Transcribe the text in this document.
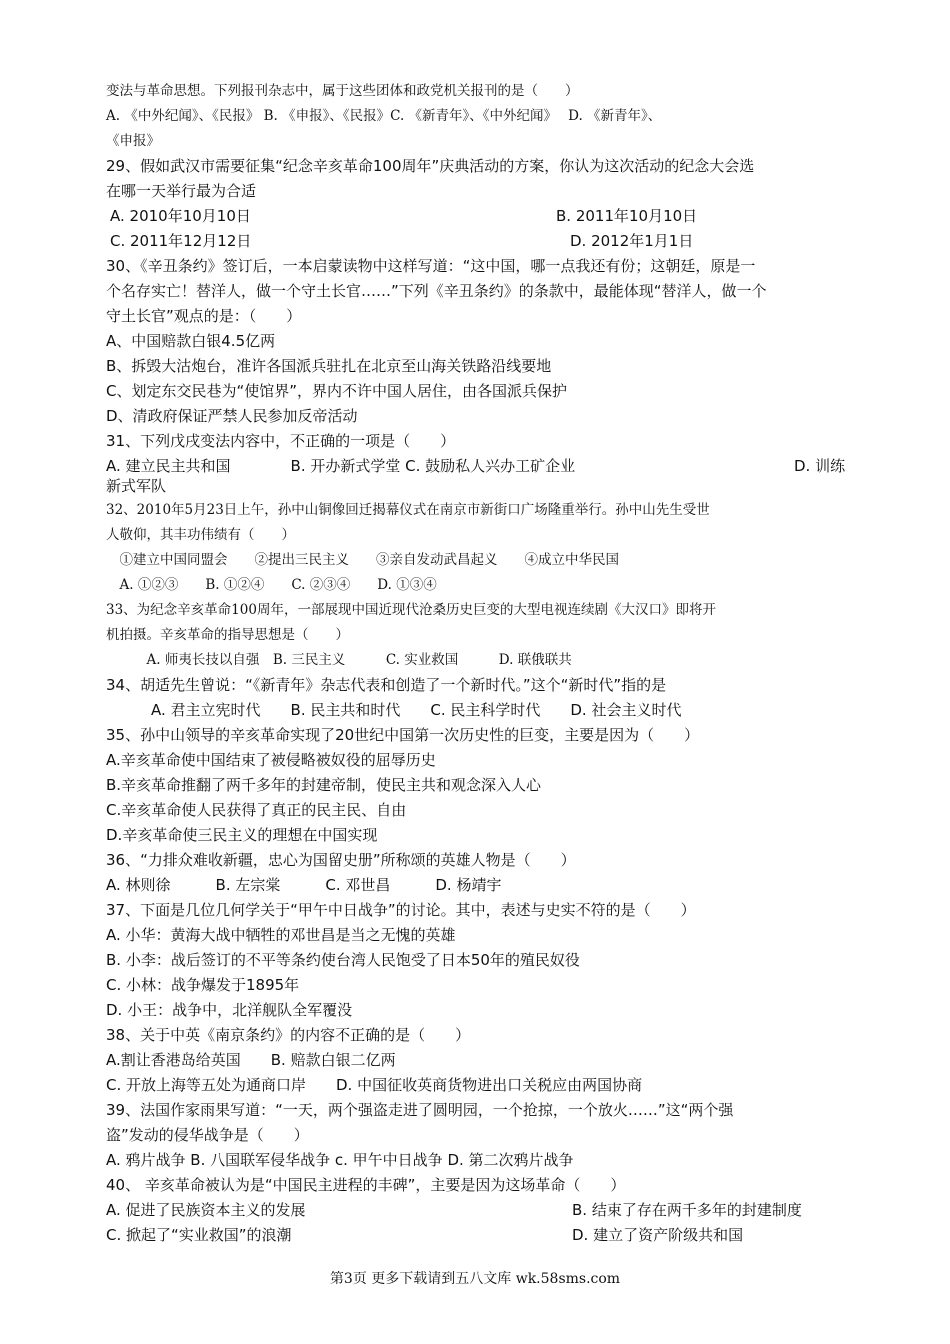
变法与革命思想。下列报刊杂志中，属于这些团体和政党机关报刊的是（　　）
A. 《中外纪闻》、《民报》 B. 《申报》、《民报》C. 《新青年》、《中外纪闻》　 D. 《新青年》、
《申报》
29、假如武汉市需要征集“纪念辛亥革命100周年”庆典活动的方案，你认为这次活动的纪念大会选
在哪一天举行最为合适
A. 2010年10月10日	B. 2011年10月10日
C. 2011年12月12日	D. 2012年1月1日
30、《辛丑条约》签订后，一本启蒙读物中这样写道：“这中国，哪一点我还有份；这朝廷，原是一
个名存实亡！替洋人，做一个守土长官……”下列《辛丑条约》的条款中，最能体现“替洋人，做一个
守土长官”观点的是：（　　）
A、中国赔款白银4.5亿两
B、拆毁大沽炮台，准许各国派兵驻扎在北京至山海关铁路沿线要地
C、划定东交民巷为“使馆界”，界内不许中国人居住，由各国派兵保护
D、清政府保证严禁人民参加反帝活动
31、下列戊戌变法内容中，不正确的一项是（　　）
A. 建立民主共和国　　　　B. 开办新式学堂 C. 鼓励私人兴办工矿企业	D. 训练
新式军队
32、2010年5月23日上午，孙中山铜像回迁揭幕仪式在南京市新街口广场隆重举行。孙中山先生受世
人敬仰，其丰功伟绩有（　　）
　①建立中国同盟会　　②提出三民主义　　③亲自发动武昌起义　　④成立中华民国
　A. ①②③　　B. ①②④　　C. ②③④　　D. ①③④
33、为纪念辛亥革命100周年，一部展现中国近现代沧桑历史巨变的大型电视连续剧《大汉口》即将开
机拍摄。辛亥革命的指导思想是（　　）
　　　A. 师夷长技以自强　B. 三民主义　　　C. 实业救国　　　D. 联俄联共
34、胡适先生曾说：“《新青年》杂志代表和创造了一个新时代。”这个“新时代”指的是
　　　A. 君主立宪时代　　B. 民主共和时代　　C. 民主科学时代　　D. 社会主义时代
35、孙中山领导的辛亥革命实现了20世纪中国第一次历史性的巨变，主要是因为（　　）
A.辛亥革命使中国结束了被侵略被奴役的屈辱历史
B.辛亥革命推翻了两千多年的封建帝制，使民主共和观念深入人心
C.辛亥革命使人民获得了真正的民主民、自由
D.辛亥革命使三民主义的理想在中国实现
36、“力排众难收新疆，忠心为国留史册”所称颂的英雄人物是（　　）
A. 林则徐　　　B. 左宗棠　　　C. 邓世昌　　　D. 杨靖宇
37、下面是几位几何学关于“甲午中日战争”的讨论。其中，表述与史实不符的是（　　）
A. 小华：黄海大战中牺牲的邓世昌是当之无愧的英雄
B. 小李：战后签订的不平等条约使台湾人民饱受了日本50年的殖民奴役
C. 小林：战争爆发于1895年
D. 小王：战争中，北洋舰队全军覆没
38、关于中英《南京条约》的内容不正确的是（　　）
A.割让香港岛给英国　　B. 赔款白银二亿两
C. 开放上海等五处为通商口岸　　D. 中国征收英商货物进出口关税应由两国协商
39、法国作家雨果写道：“一天，两个强盗走进了圆明园，一个抢掠，一个放火……”这“两个强
盗”发动的侵华战争是（　　）
A. 鸦片战争 B. 八国联军侵华战争 c. 甲午中日战争 D. 第二次鸦片战争
40、 辛亥革命被认为是“中国民主进程的丰碑”，主要是因为这场革命（　　）
A. 促进了民族资本主义的发展	B. 结束了存在两千多年的封建制度
C. 掀起了“实业救国”的浪潮	D. 建立了资产阶级共和国
第3页 更多下载请到五八文库 wk.58sms.com
